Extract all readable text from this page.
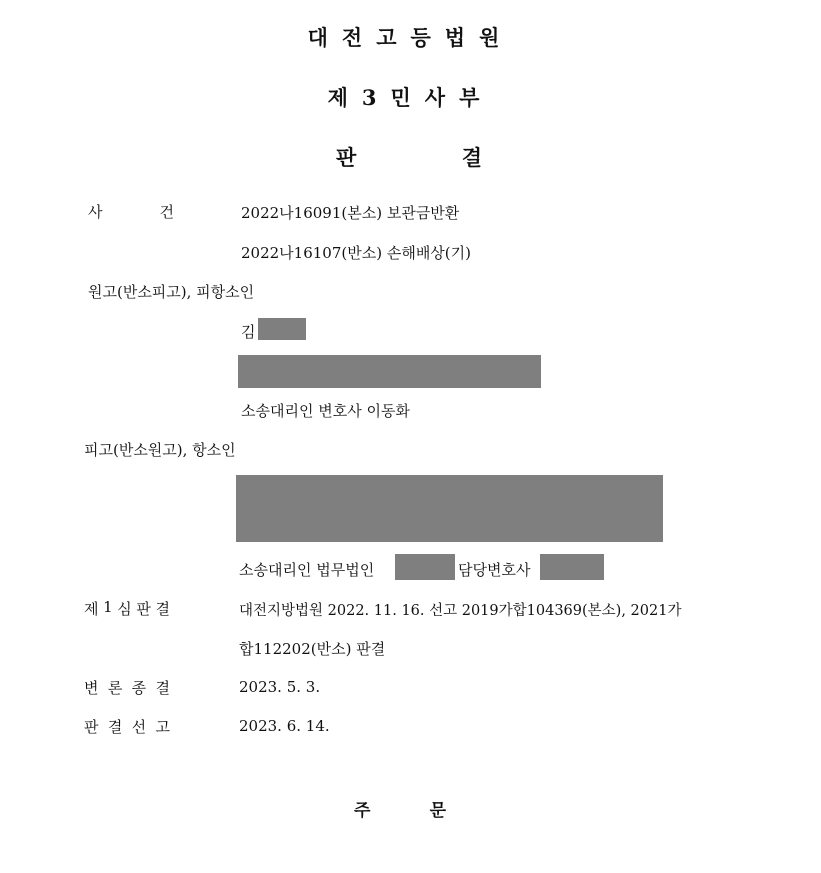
대전고등법원
제3민사부
판	결
사	건	2022나16091(본소) 보관금반환
2022나16107(반소) 손해배상(기)
원고(반소피고), 피항소인
김
소송대리인 변호사 이동화
피고(반소원고), 항소인
소송대리인 법무법인	담당변호사
제 1 심 판 결	대전지방법원 2022. 11. 16. 선고 2019가합104369(본소), 2021가
합112202(반소) 판결
변 론 종 결	2023. 5. 3.
판 결 선 고	2023. 6. 14.
주	문
